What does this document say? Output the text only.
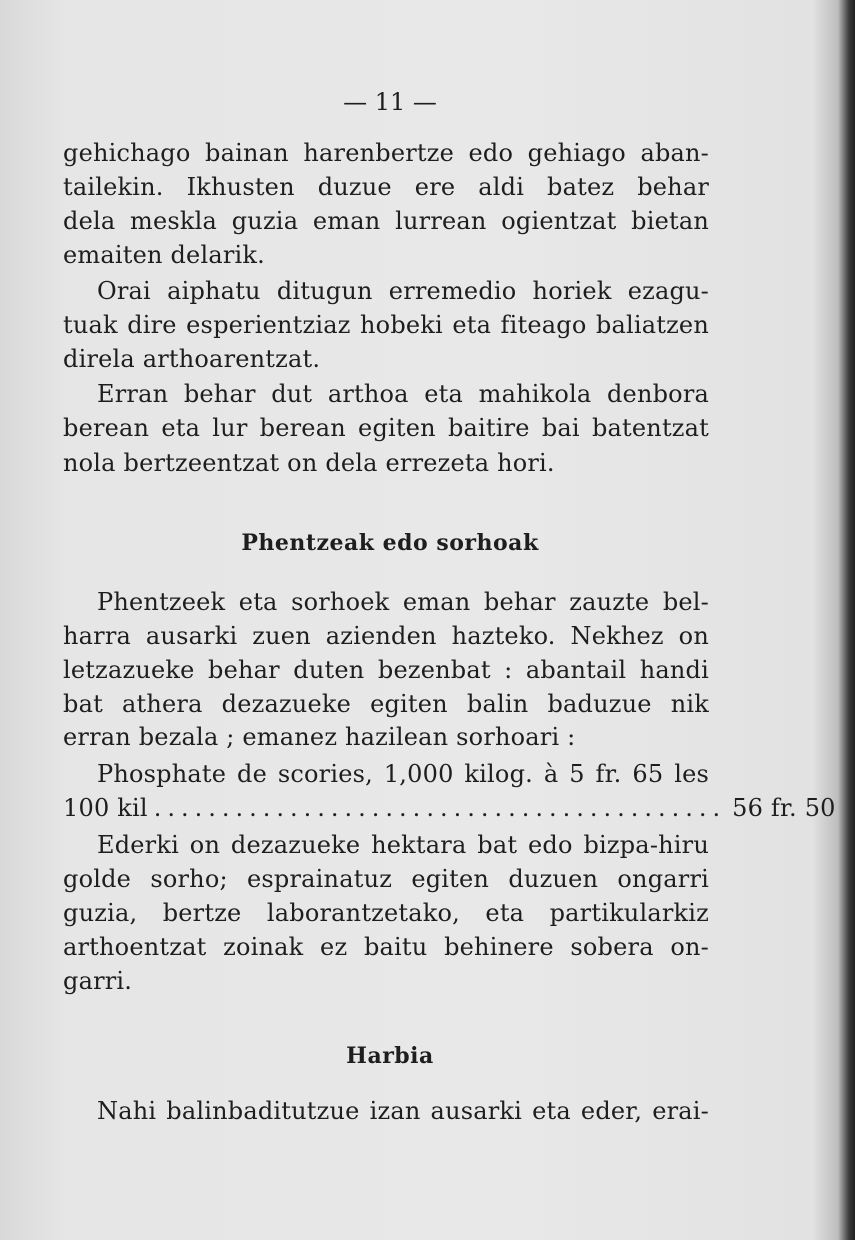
— 11 —
gehichago bainan harenbertze edo gehiago aban-
tailekin. Ikhusten duzue ere aldi batez behar
dela meskla guzia eman lurrean ogientzat bietan
emaiten delarik.
Orai aiphatu ditugun erremedio horiek ezagu-
tuak dire esperientziaz hobeki eta fiteago baliatzen
direla arthoarentzat.
Erran behar dut arthoa eta mahikola denbora
berean eta lur berean egiten baitire bai batentzat
nola bertzeentzat on dela errezeta hori.
Phentzeak edo sorhoak
Phentzeek eta sorhoek eman behar zauzte bel-
harra ausarki zuen azienden hazteko. Nekhez on
letzazueke behar duten bezenbat : abantail handi
bat athera dezazueke egiten balin baduzue nik
erran bezala ; emanez hazilean sorhoari :
Phosphate de scories, 1,000 kilog. à 5 fr. 65 les
100 kil .......................................... 56 fr. 50
Ederki on dezazueke hektara bat edo bizpa-hiru
golde sorho; esprainatuz egiten duzuen ongarri
guzia, bertze laborantzetako, eta partikularkiz
arthoentzat zoinak ez baitu behinere sobera on-
garri.
Harbia
Nahi balinbaditutzue izan ausarki eta eder, erai-
